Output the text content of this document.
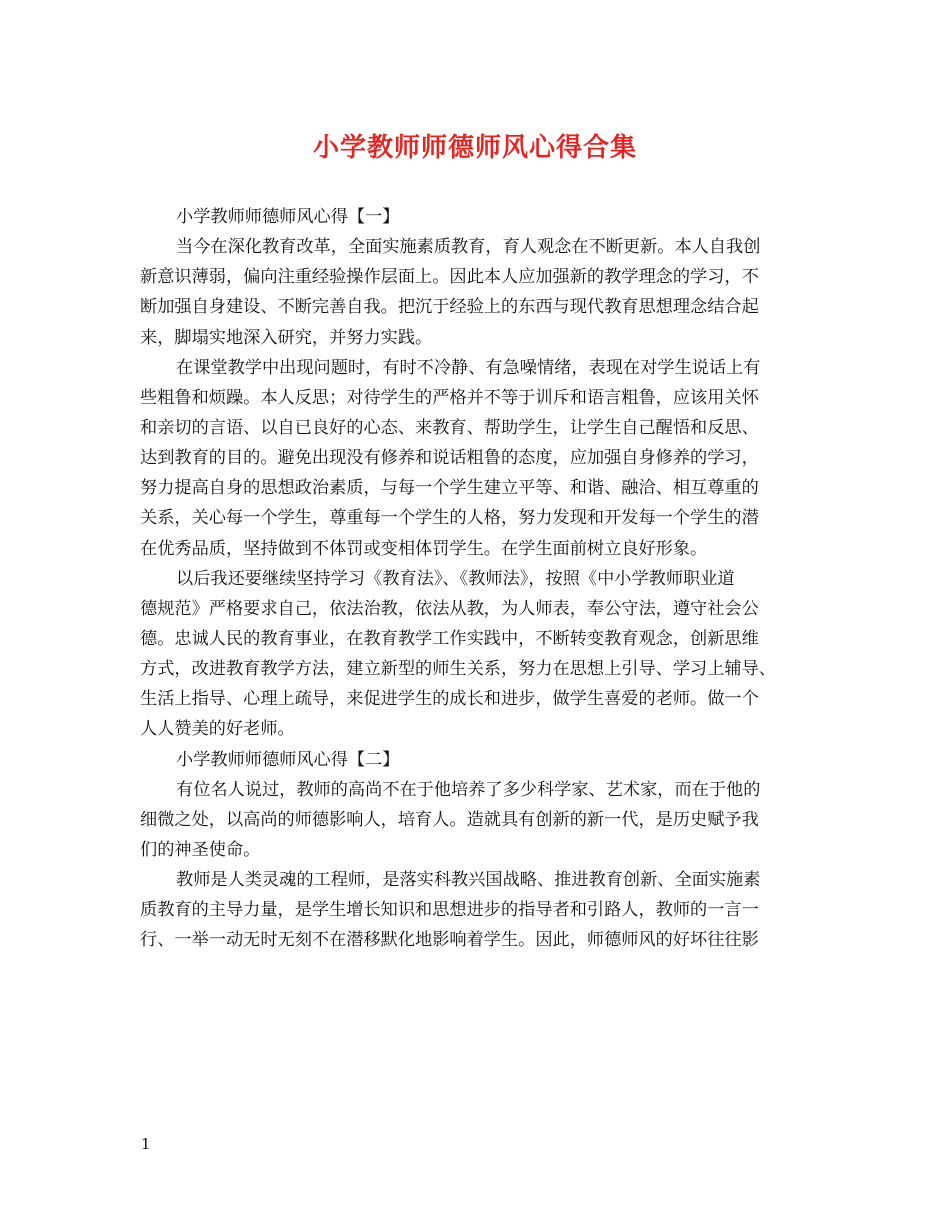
小学教师师德师风心得合集
小学教师师德师风心得【一】
当今在深化教育改革，全面实施素质教育，育人观念在不断更新。本人自我创
新意识薄弱，偏向注重经验操作层面上。因此本人应加强新的教学理念的学习，不
断加强自身建设、不断完善自我。把沉于经验上的东西与现代教育思想理念结合起
来，脚塌实地深入研究，并努力实践。
在课堂教学中出现问题时，有时不冷静、有急噪情绪，表现在对学生说话上有
些粗鲁和烦躁。本人反思；对待学生的严格并不等于训斥和语言粗鲁，应该用关怀
和亲切的言语、以自已良好的心态、来教育、帮助学生，让学生自己醒悟和反思、
达到教育的目的。避免出现没有修养和说话粗鲁的态度，应加强自身修养的学习，
努力提高自身的思想政治素质，与每一个学生建立平等、和谐、融洽、相互尊重的
关系，关心每一个学生，尊重每一个学生的人格，努力发现和开发每一个学生的潜
在优秀品质，坚持做到不体罚或变相体罚学生。在学生面前树立良好形象。
以后我还要继续坚持学习《教育法》、《教师法》，按照《中小学教师职业道
德规范》严格要求自己，依法治教，依法从教，为人师表，奉公守法，遵守社会公
德。忠诚人民的教育事业，在教育教学工作实践中，不断转变教育观念，创新思维
方式，改进教育教学方法，建立新型的师生关系，努力在思想上引导、学习上辅导、
生活上指导、心理上疏导，来促进学生的成长和进步，做学生喜爱的老师。做一个
人人赞美的好老师。
小学教师师德师风心得【二】
有位名人说过，教师的高尚不在于他培养了多少科学家、艺术家，而在于他的
细微之处，以高尚的师德影响人，培育人。造就具有创新的新一代，是历史赋予我
们的神圣使命。
教师是人类灵魂的工程师，是落实科教兴国战略、推进教育创新、全面实施素
质教育的主导力量，是学生增长知识和思想进步的指导者和引路人，教师的一言一
行、一举一动无时无刻不在潜移默化地影响着学生。因此，师德师风的好坏往往影
1
